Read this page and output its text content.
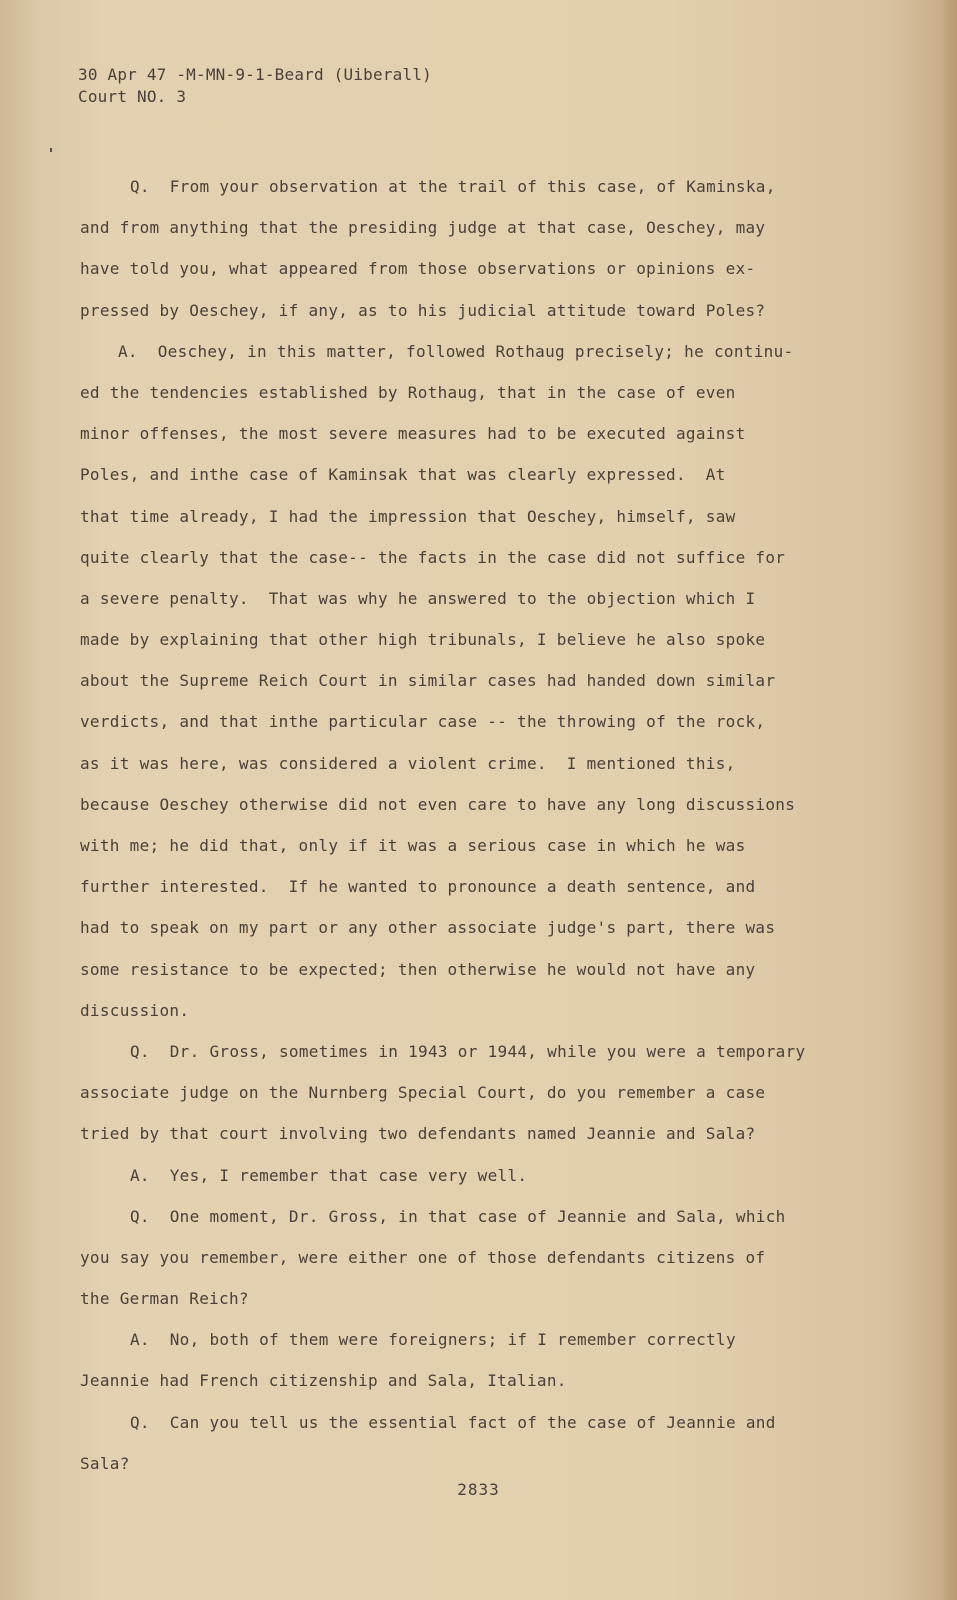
30 Apr 47 -M-MN-9-1-Beard (Uiberall)
Court NO. 3
Q.  From your observation at the trail of this case, of Kaminska,
and from anything that the presiding judge at that case, Oeschey, may
have told you, what appeared from those observations or opinions ex-
pressed by Oeschey, if any, as to his judicial attitude toward Poles?
A.  Oeschey, in this matter, followed Rothaug precisely; he continu-
ed the tendencies established by Rothaug, that in the case of even
minor offenses, the most severe measures had to be executed against
Poles, and inthe case of Kaminsak that was clearly expressed.  At
that time already, I had the impression that Oeschey, himself, saw
quite clearly that the case-- the facts in the case did not suffice for
a severe penalty.  That was why he answered to the objection which I
made by explaining that other high tribunals, I believe he also spoke
about the Supreme Reich Court in similar cases had handed down similar
verdicts, and that inthe particular case -- the throwing of the rock,
as it was here, was considered a violent crime.  I mentioned this,
because Oeschey otherwise did not even care to have any long discussions
with me; he did that, only if it was a serious case in which he was
further interested.  If he wanted to pronounce a death sentence, and
had to speak on my part or any other associate judge's part, there was
some resistance to be expected; then otherwise he would not have any
discussion.
Q.  Dr. Gross, sometimes in 1943 or 1944, while you were a temporary
associate judge on the Nurnberg Special Court, do you remember a case
tried by that court involving two defendants named Jeannie and Sala?
A.  Yes, I remember that case very well.
Q.  One moment, Dr. Gross, in that case of Jeannie and Sala, which
you say you remember, were either one of those defendants citizens of
the German Reich?
A.  No, both of them were foreigners; if I remember correctly
Jeannie had French citizenship and Sala, Italian.
Q.  Can you tell us the essential fact of the case of Jeannie and
Sala?
2833
